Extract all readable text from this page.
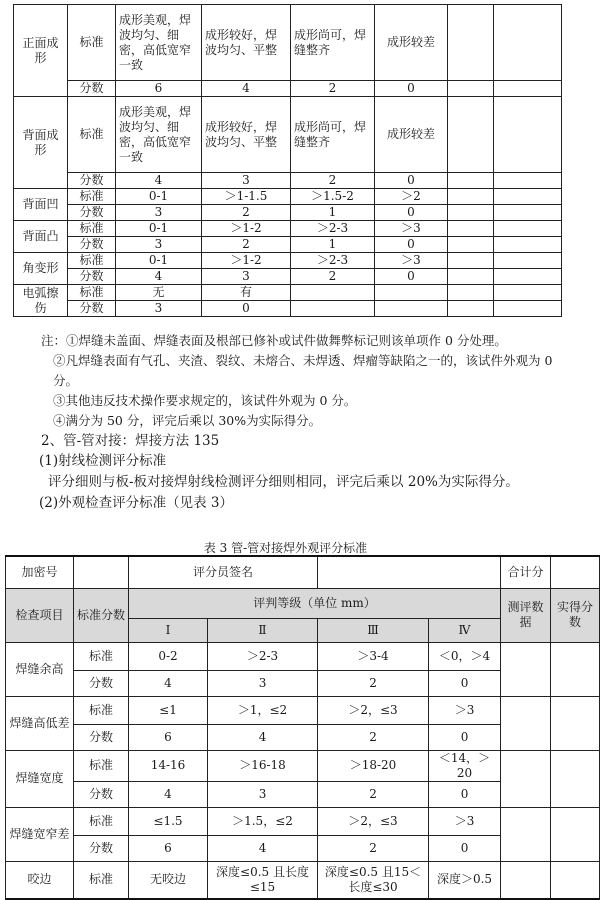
正面成形	标准	成形美观，焊波均匀、细密，高低宽窄一致	成形较好，焊波均匀、平整	成形尚可，焊缝整齐	成形较差		
	分数	6	4	2	0		
背面成形	标准	成形美观，焊波均匀、细密，高低宽窄一致	成形较好，焊波均匀、平整	成形尚可，焊缝整齐	成形较差		
	分数	4	3	2	0		
背面凹	标准	0-1	＞1-1.5	＞1.5-2	＞2		
	分数	3	2	1	0		
背面凸	标准	0-1	＞1-2	＞2-3	＞3		
	分数	3	2	1	0		
角变形	标准	0-1	＞1-2	＞2-3	＞3		
	分数	4	3	2	0		
电弧擦伤	标准	无	有				
	分数	3	0				

注：①焊缝未盖面、焊缝表面及根部已修补或试件做舞弊标记则该单项作 0 分处理。

②凡焊缝表面有气孔、夹渣、裂纹、未熔合、未焊透、焊瘤等缺陷之一的，该试件外观为 0 分。

③其他违反技术操作要求规定的，该试件外观为 0 分。

④满分为 50 分，评完后乘以 30%为实际得分。

2、管-管对接：焊接方法 135

(1)射线检测评分标准

评分细则与板-板对接焊射线检测评分细则相同，评完后乘以 20%为实际得分。

(2)外观检查评分标准（见表 3）

表 3 管-管对接焊外观评分标准
加密号		评分员签名				合计分	
检查项目	标准分数	评判等级（单位 mm）				测评数据	实得分数
		Ⅰ	Ⅱ	Ⅲ	Ⅳ		
焊缝余高	标准	0-2	＞2-3	＞3-4	＜0，＞4		
	分数	4	3	2	0		
焊缝高低差	标准	≤1	＞1，≤2	＞2，≤3	＞3		
	分数	6	4	2	0		
焊缝宽度	标准	14-16	＞16-18	＞18-20	＜14，＞20		
	分数	4	3	2	0		
焊缝宽窄差	标准	≤1.5	＞1.5，≤2	＞2，≤3	＞3		
	分数	6	4	2	0		
咬边	标准	无咬边	深度≤0.5 且长度≤15	深度≤0.5 且15＜长度≤30	深度＞0.5		
